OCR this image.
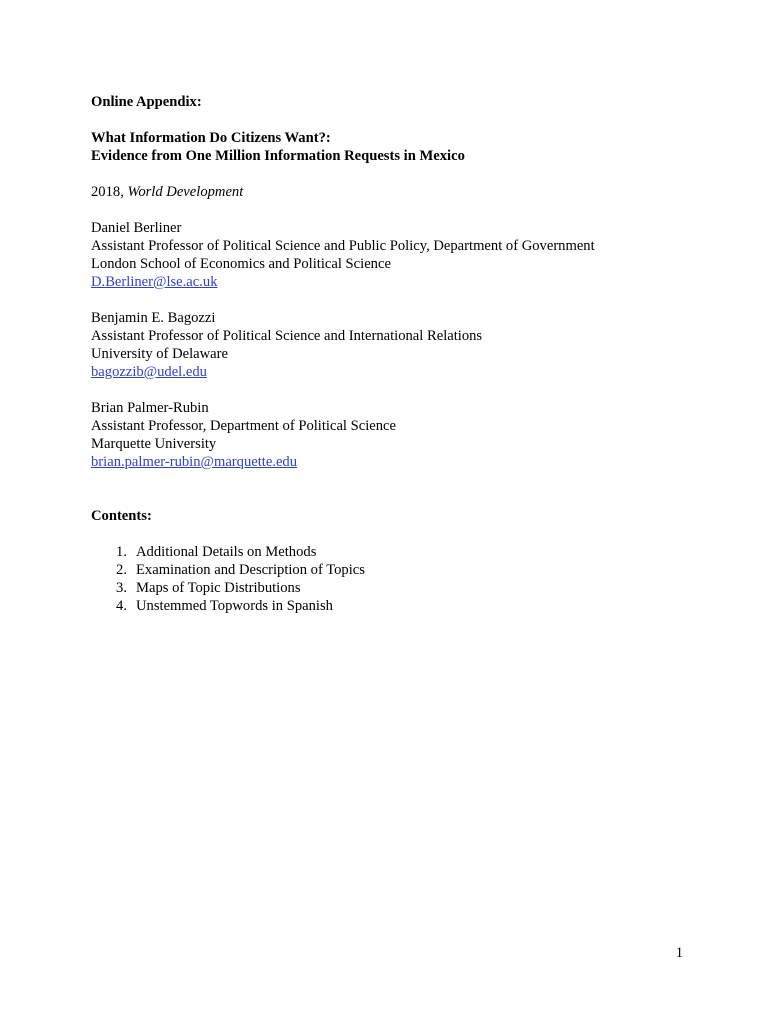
Online Appendix:
What Information Do Citizens Want?:
Evidence from One Million Information Requests in Mexico
2018, World Development
Daniel Berliner
Assistant Professor of Political Science and Public Policy, Department of Government
London School of Economics and Political Science
D.Berliner@lse.ac.uk
Benjamin E. Bagozzi
Assistant Professor of Political Science and International Relations
University of Delaware
bagozzib@udel.edu
Brian Palmer-Rubin
Assistant Professor, Department of Political Science
Marquette University
brian.palmer-rubin@marquette.edu
Contents:
1. Additional Details on Methods
2. Examination and Description of Topics
3. Maps of Topic Distributions
4. Unstemmed Topwords in Spanish
1
